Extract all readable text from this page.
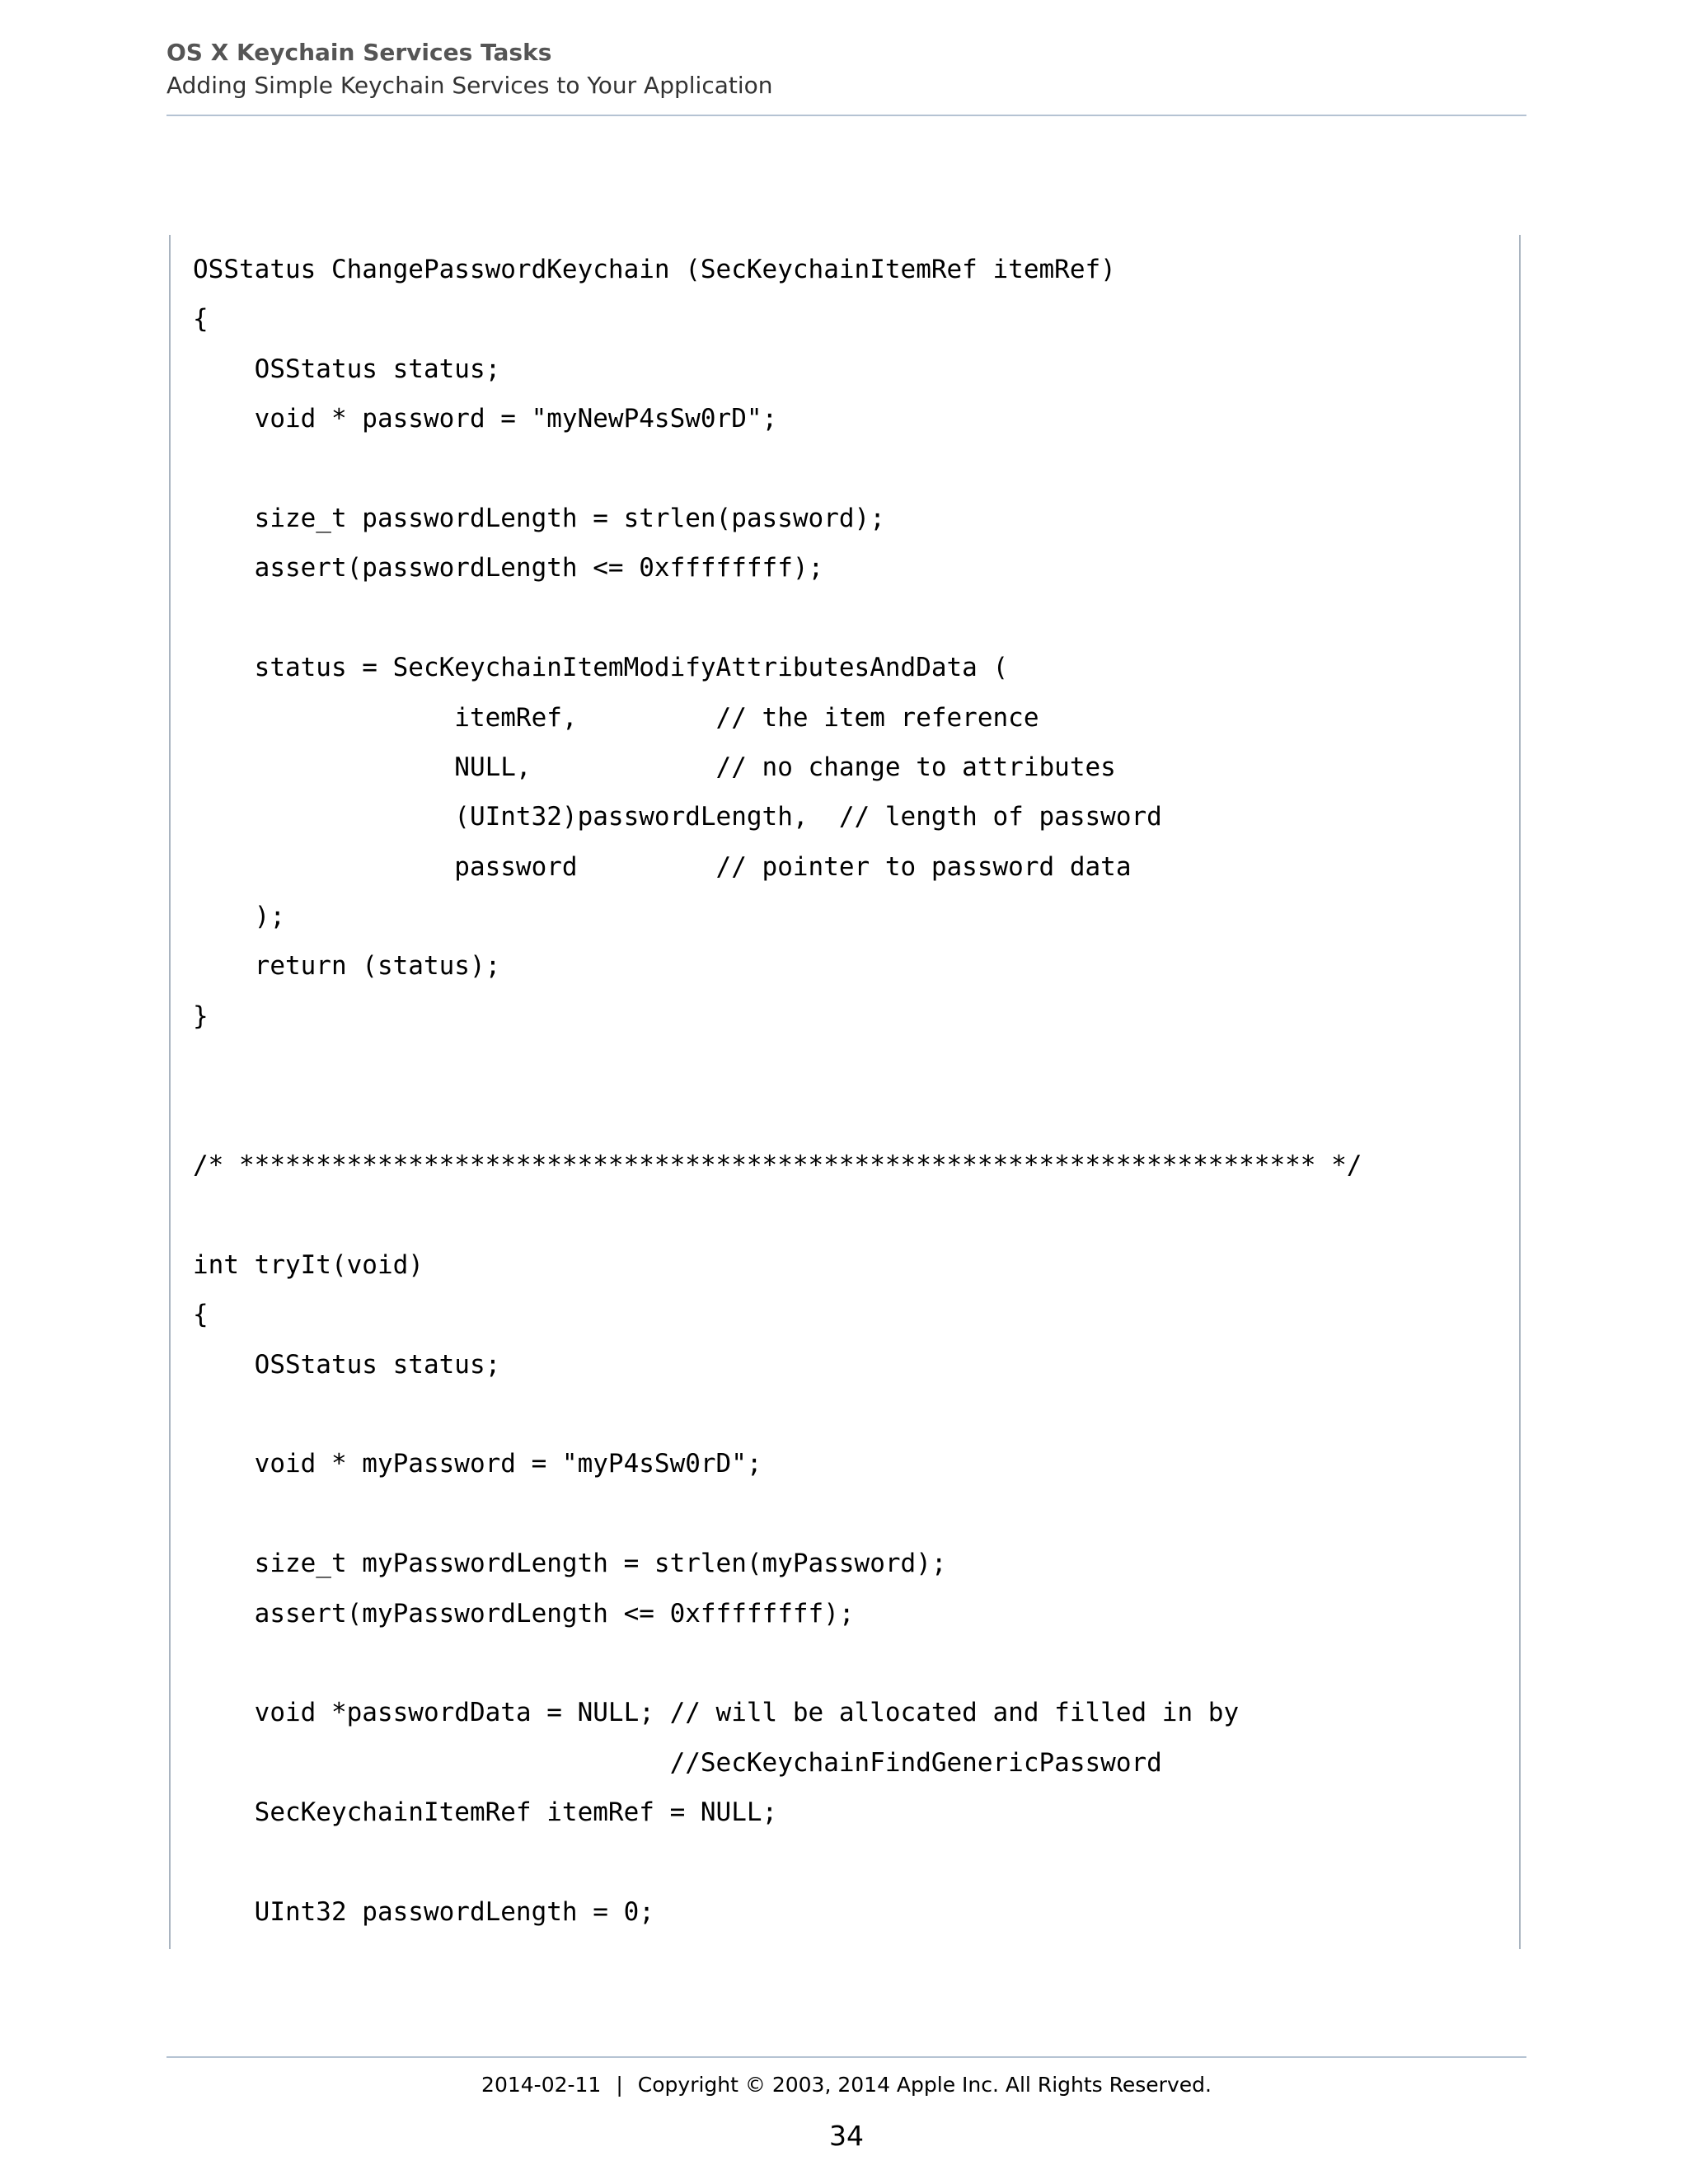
OS X Keychain Services Tasks
Adding Simple Keychain Services to Your Application
OSStatus ChangePasswordKeychain (SecKeychainItemRef itemRef)
{
OSStatus status;
void * password = "myNewP4sSw0rD";
size_t passwordLength = strlen(password);
assert(passwordLength <= 0xffffffff);
status = SecKeychainItemModifyAttributesAndData (
itemRef,         // the item reference
NULL,            // no change to attributes
(UInt32)passwordLength,  // length of password
password         // pointer to password data
);
return (status);
}
/* ********************************************************************** */
int tryIt(void)
{
OSStatus status;
void * myPassword = "myP4sSw0rD";
size_t myPasswordLength = strlen(myPassword);
assert(myPasswordLength <= 0xffffffff);
void *passwordData = NULL; // will be allocated and filled in by
//SecKeychainFindGenericPassword
SecKeychainItemRef itemRef = NULL;
UInt32 passwordLength = 0;
2014-02-11 | Copyright © 2003, 2014 Apple Inc. All Rights Reserved.
34
